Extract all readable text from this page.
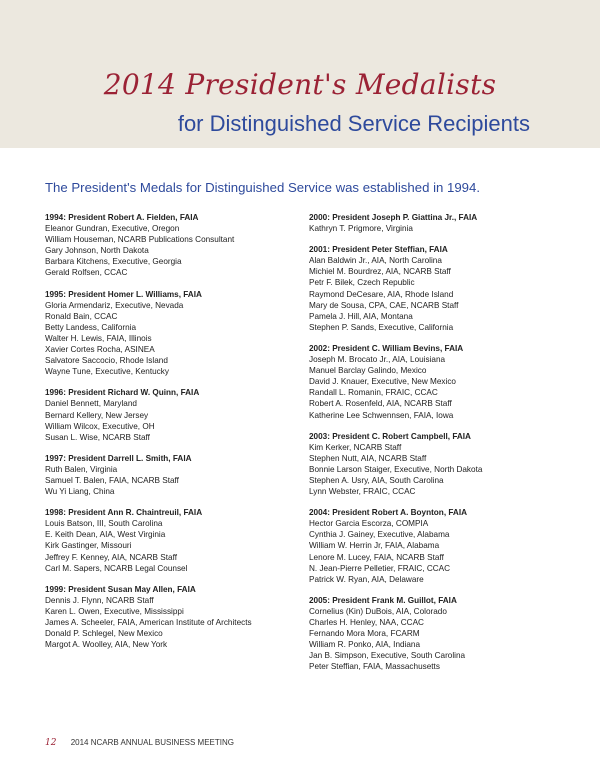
2014 President's Medalists
for Distinguished Service Recipients
The President's Medals for Distinguished Service was established in 1994.
1994: President Robert A. Fielden, FAIA
Eleanor Gundran, Executive, Oregon
William Houseman, NCARB Publications Consultant
Gary Johnson, North Dakota
Barbara Kitchens, Executive, Georgia
Gerald Rolfsen, CCAC
1995: President Homer L. Williams, FAIA
Gloria Armendariz, Executive, Nevada
Ronald Bain, CCAC
Betty Landess, California
Walter H. Lewis, FAIA, Illinois
Xavier Cortes Rocha, ASINEA
Salvatore Saccocio, Rhode Island
Wayne Tune, Executive, Kentucky
1996: President Richard W. Quinn, FAIA
Daniel Bennett, Maryland
Bernard Kellery, New Jersey
William Wilcox, Executive, OH
Susan L. Wise, NCARB Staff
1997: President Darrell L. Smith, FAIA
Ruth Balen, Virginia
Samuel T. Balen, FAIA, NCARB Staff
Wu Yi Liang, China
1998: President Ann R. Chaintreuil, FAIA
Louis Batson, III, South Carolina
E. Keith Dean, AIA, West Virginia
Kirk Gastinger, Missouri
Jeffrey F. Kenney, AIA, NCARB Staff
Carl M. Sapers, NCARB Legal Counsel
1999: President Susan May Allen, FAIA
Dennis J. Flynn, NCARB Staff
Karen L. Owen, Executive, Mississippi
James A. Scheeler, FAIA, American Institute of Architects
Donald P. Schlegel, New Mexico
Margot A. Woolley, AIA, New York
2000: President Joseph P. Giattina Jr., FAIA
Kathryn T. Prigmore, Virginia
2001: President Peter Steffian, FAIA
Alan Baldwin Jr., AIA, North Carolina
Michiel M. Bourdrez, AIA, NCARB Staff
Petr F. Bilek, Czech Republic
Raymond DeCesare, AIA, Rhode Island
Mary de Sousa, CPA, CAE, NCARB Staff
Pamela J. Hill, AIA, Montana
Stephen P. Sands, Executive, California
2002: President C. William Bevins, FAIA
Joseph M. Brocato Jr., AIA, Louisiana
Manuel Barclay Galindo, Mexico
David J. Knauer, Executive, New Mexico
Randall L. Romanin, FRAIC, CCAC
Robert A. Rosenfeld, AIA, NCARB Staff
Katherine Lee Schwennsen, FAIA, Iowa
2003: President C. Robert Campbell, FAIA
Kim Kerker, NCARB Staff
Stephen Nutt, AIA, NCARB Staff
Bonnie Larson Staiger, Executive, North Dakota
Stephen A. Usry, AIA, South Carolina
Lynn Webster, FRAIC, CCAC
2004: President Robert A. Boynton, FAIA
Hector Garcia Escorza, COMPIA
Cynthia J. Gainey, Executive, Alabama
William W. Herrin Jr, FAIA, Alabama
Lenore M. Lucey, FAIA, NCARB Staff
N. Jean-Pierre Pelletier, FRAIC, CCAC
Patrick W. Ryan, AIA, Delaware
2005: President Frank M. Guillot, FAIA
Cornelius (Kin) DuBois, AIA, Colorado
Charles H. Henley, NAA, CCAC
Fernando Mora Mora, FCARM
William R. Ponko, AIA, Indiana
Jan B. Simpson, Executive, South Carolina
Peter Steffian, FAIA, Massachusetts
12 2014 NCARB ANNUAL BUSINESS MEETING
